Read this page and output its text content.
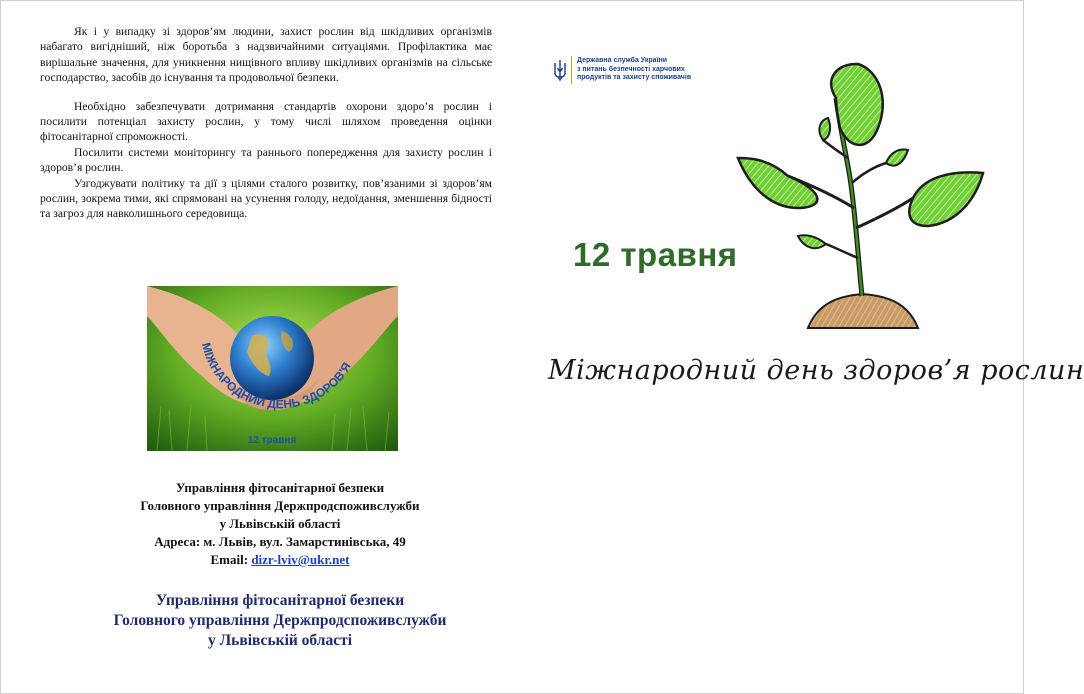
Як і у випадку зі здоров’ям людини, захист рослин від шкідливих організмів набагато вигідніший, ніж боротьба з надзвичайними ситуаціями. Профілактика має вирішальне значення, для уникнення нищівного впливу шкідливих організмів на сільське господарство, засобів до існування та продовольчої безпеки.

Необхідно забезпечувати дотримання стандартів охорони здоро’я рослин і посилити потенціал захисту рослин, у тому числі шляхом проведення оцінки фітосанітарної спроможності.

Посилити системи моніторингу та раннього попередження для захисту рослин і здоров’я рослин.

Узгоджувати політику та дії з цілями сталого розвитку, пов’язаними зі здоров’ям рослин, зокрема тими, які спрямовані на усунення голоду, недоїдання, зменшення бідності та загроз для навколишнього середовища.

МІЖНАРОДНИЙ ДЕНЬ ЗДОРОВ'Я
12 травня
Управління фітосанітарної безпеки
Головного управління Держпродспоживслужби
у Львівській області
Адреса: м. Львів, вул. Замарстинівська, 49
Email: dizr-lviv@ukr.net
Управління фітосанітарної безпеки
Головного управління Держпродспоживслужби
у Львівській області
Державна служба України
з питань безпечності харчових
продуктів та захисту споживачів
12 травня
Міжнародний день здоров’я рослин
